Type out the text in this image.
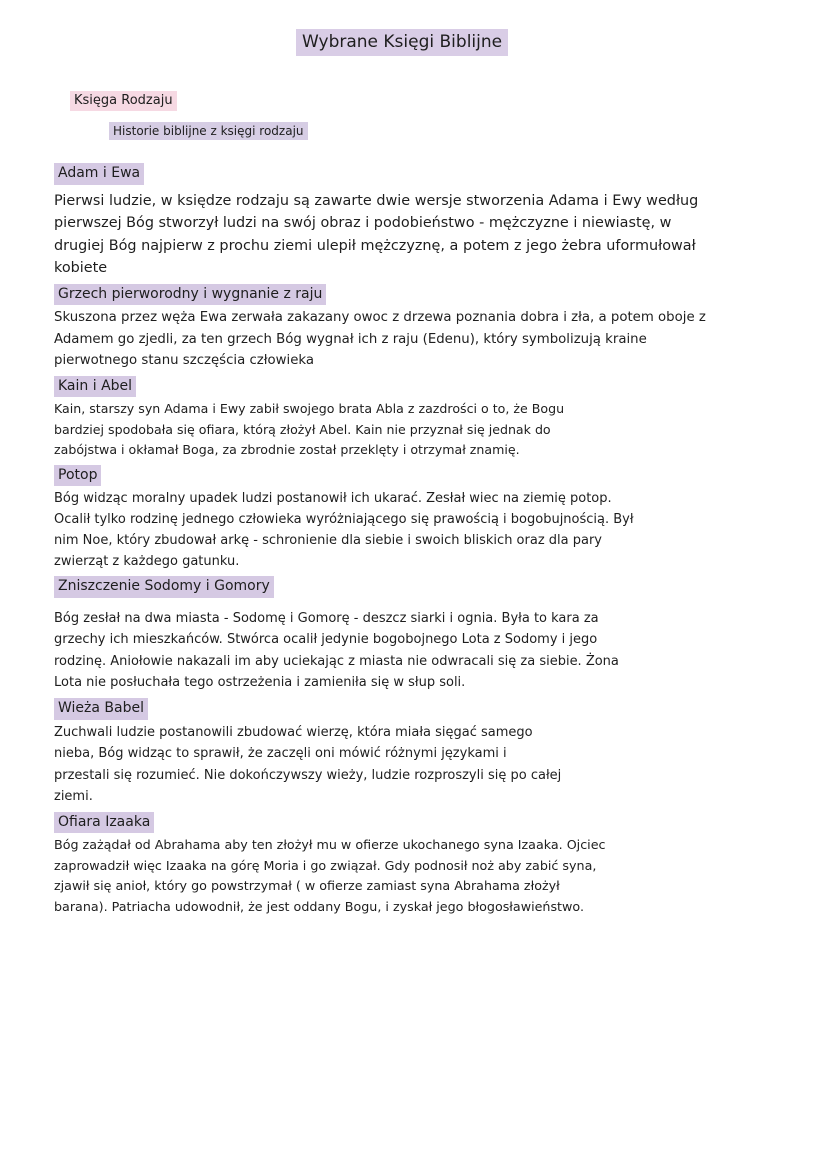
Wybrane Księgi Biblijne
Księga Rodzaju
Historie biblijne z księgi rodzaju
Adam i Ewa
Pierwsi ludzie, w księdze rodzaju są zawarte dwie wersje stworzenia Adama i Ewy według
pierwszej Bóg stworzył ludzi na swój obraz i podobieństwo - mężczyzne i niewiastę, w
drugiej Bóg najpierw z prochu ziemi ulepił mężczyznę, a potem z jego żebra uformułował
kobiete
Grzech pierworodny i wygnanie z raju
Skuszona przez węża Ewa zerwała zakazany owoc z drzewa poznania dobra i zła, a potem oboje z
Adamem go zjedli, za ten grzech Bóg wygnał ich z raju (Edenu), który symbolizują kraine
pierwotnego stanu szczęścia człowieka
Kain i Abel
Kain, starszy syn Adama i Ewy zabił swojego brata Abla z zazdrości o to, że Bogu
bardziej spodobała się ofiara, którą złożył Abel. Kain nie przyznał się jednak do
zabójstwa i okłamał Boga, za zbrodnie został przeklęty i otrzymał znamię.
Potop
Bóg widząc moralny upadek ludzi postanowił ich ukarać. Zesłał wiec na ziemię potop.
Ocalił tylko rodzinę jednego człowieka wyróżniającego się prawością i bogobujnością. Był
nim Noe, który zbudował arkę - schronienie dla siebie i swoich bliskich oraz dla pary
zwierząt z każdego gatunku.
Zniszczenie Sodomy i Gomory
Bóg zesłał na dwa miasta - Sodomę i Gomorę - deszcz siarki i ognia. Była to kara za
grzechy ich mieszkańców. Stwórca ocalił jedynie bogobojnego Lota z Sodomy i jego
rodzinę. Aniołowie nakazali im aby uciekając z miasta nie odwracali się za siebie. Żona
Lota nie posłuchała tego ostrzeżenia i zamieniła się w słup soli.
Wieża Babel
Zuchwali ludzie postanowili zbudować wierzę, która miała sięgać samego
nieba, Bóg widząc to sprawił, że zaczęli oni mówić różnymi językami i
przestali się rozumieć. Nie dokończywszy wieży, ludzie rozproszyli się po całej
ziemi.
Ofiara Izaaka
Bóg zażądał od Abrahama aby ten złożył mu w ofierze ukochanego syna Izaaka. Ojciec
zaprowadził więc Izaaka na górę Moria i go związał. Gdy podnosił noż aby zabić syna,
zjawił się anioł, który go powstrzymał ( w ofierze zamiast syna Abrahama złożył
barana). Patriacha udowodnił, że jest oddany Bogu, i zyskał jego błogosławieństwo.
